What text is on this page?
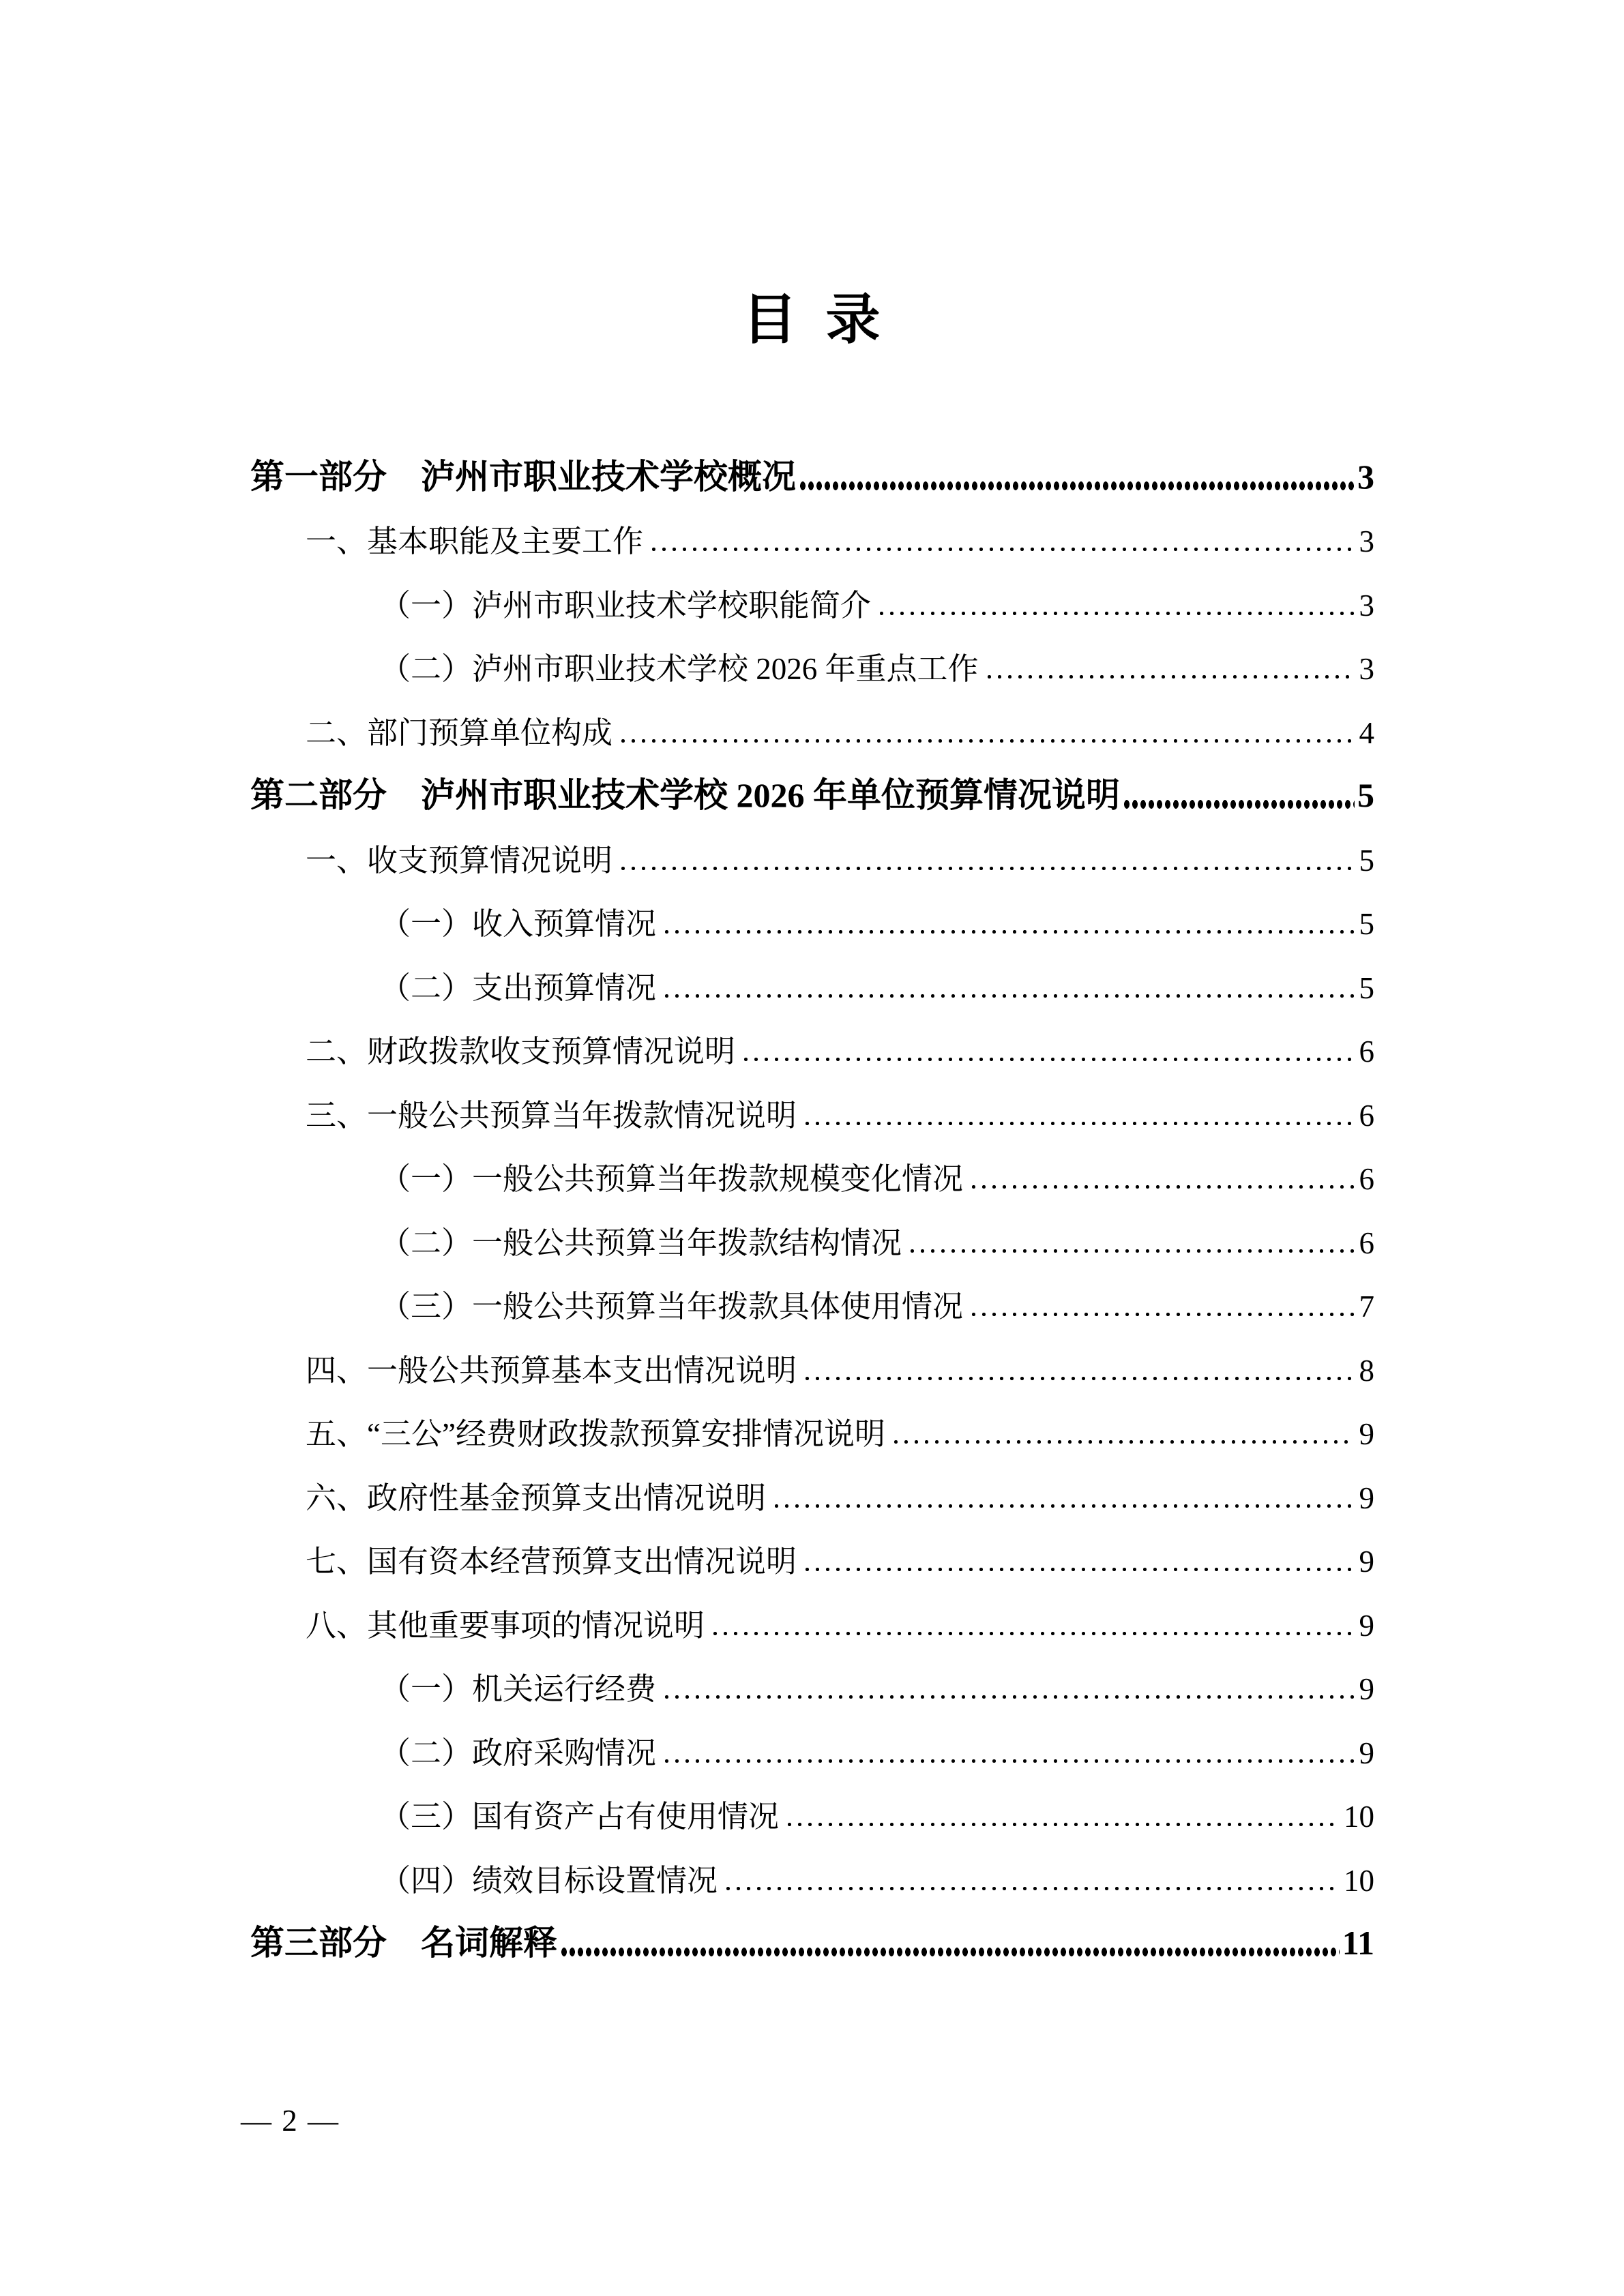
目 录
第一部分　泸州市职业技术学校概况	3
一、基本职能及主要工作	3
（一）泸州市职业技术学校职能简介	3
（二）泸州市职业技术学校 2026 年重点工作	3
二、部门预算单位构成	4
第二部分　泸州市职业技术学校 2026 年单位预算情况说明	5
一、收支预算情况说明	5
（一）收入预算情况	5
（二）支出预算情况	5
二、财政拨款收支预算情况说明	6
三、一般公共预算当年拨款情况说明	6
（一）一般公共预算当年拨款规模变化情况	6
（二）一般公共预算当年拨款结构情况	6
（三）一般公共预算当年拨款具体使用情况	7
四、一般公共预算基本支出情况说明	8
五、“三公”经费财政拨款预算安排情况说明	9
六、政府性基金预算支出情况说明	9
七、国有资本经营预算支出情况说明	9
八、其他重要事项的情况说明	9
（一）机关运行经费	9
（二）政府采购情况	9
（三）国有资产占有使用情况	10
（四）绩效目标设置情况	10
第三部分　名词解释	11
— 2 —
